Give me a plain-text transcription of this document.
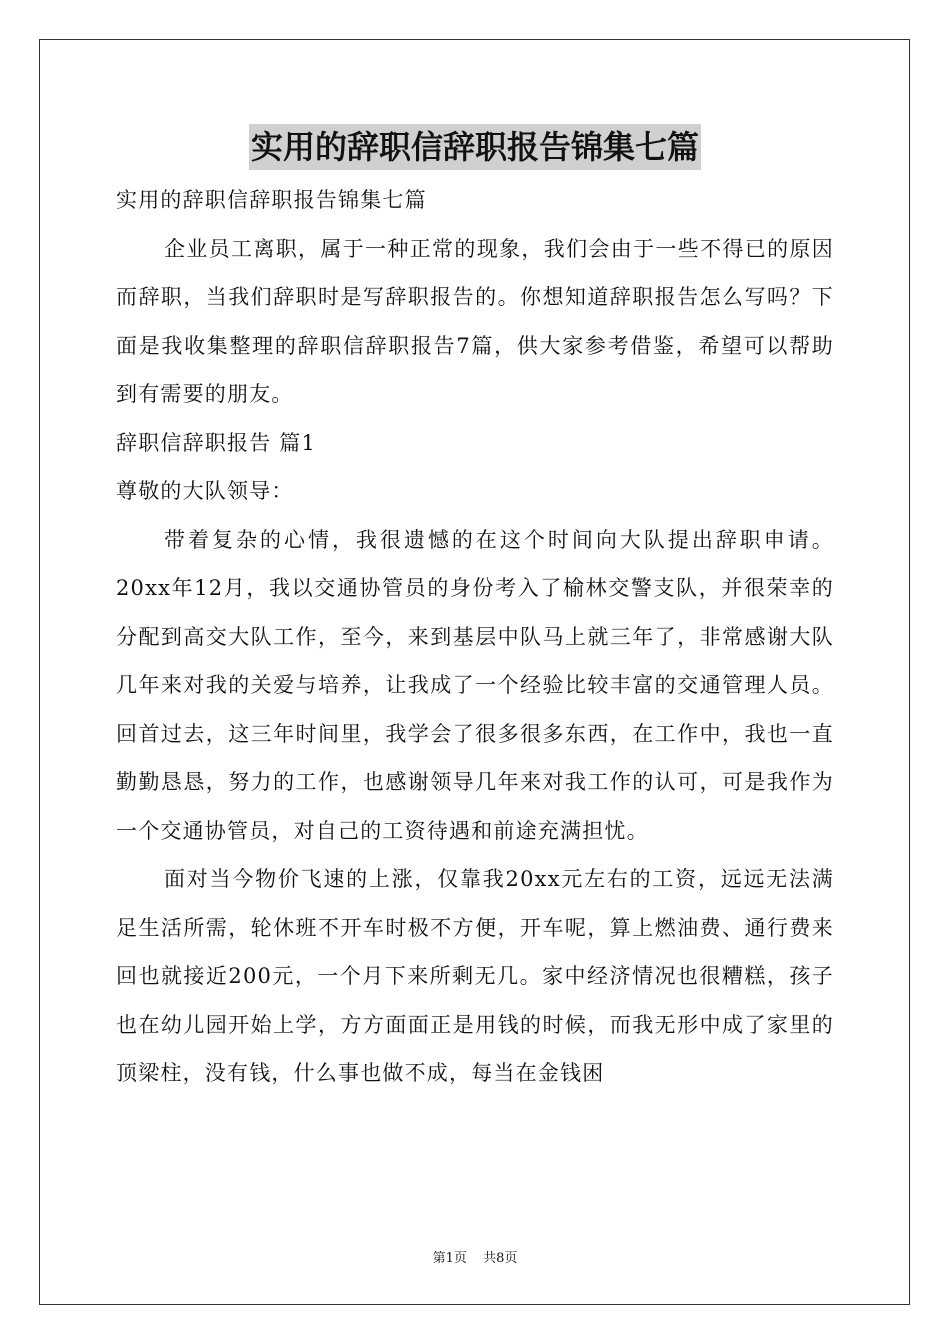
实用的辞职信辞职报告锦集七篇

实用的辞职信辞职报告锦集七篇

企业员工离职，属于一种正常的现象，我们会由于一些不得已的原因而辞职，当我们辞职时是写辞职报告的。你想知道辞职报告怎么写吗？下面是我收集整理的辞职信辞职报告7篇，供大家参考借鉴，希望可以帮助到有需要的朋友。

辞职信辞职报告 篇1

尊敬的大队领导：

带着复杂的心情，我很遗憾的在这个时间向大队提出辞职申请。20xx年12月，我以交通协管员的身份考入了榆林交警支队，并很荣幸的分配到高交大队工作，至今，来到基层中队马上就三年了，非常感谢大队几年来对我的关爱与培养，让我成了一个经验比较丰富的交通管理人员。回首过去，这三年时间里，我学会了很多很多东西，在工作中，我也一直勤勤恳恳，努力的工作，也感谢领导几年来对我工作的认可，可是我作为一个交通协管员，对自己的工资待遇和前途充满担忧。

面对当今物价飞速的上涨，仅靠我20xx元左右的工资，远远无法满足生活所需，轮休班不开车时极不方便，开车呢，算上燃油费、通行费来回也就接近200元，一个月下来所剩无几。家中经济情况也很糟糕，孩子也在幼儿园开始上学，方方面面正是用钱的时候，而我无形中成了家里的顶梁柱，没有钱，什么事也做不成，每当在金钱困

第1页 共8页
